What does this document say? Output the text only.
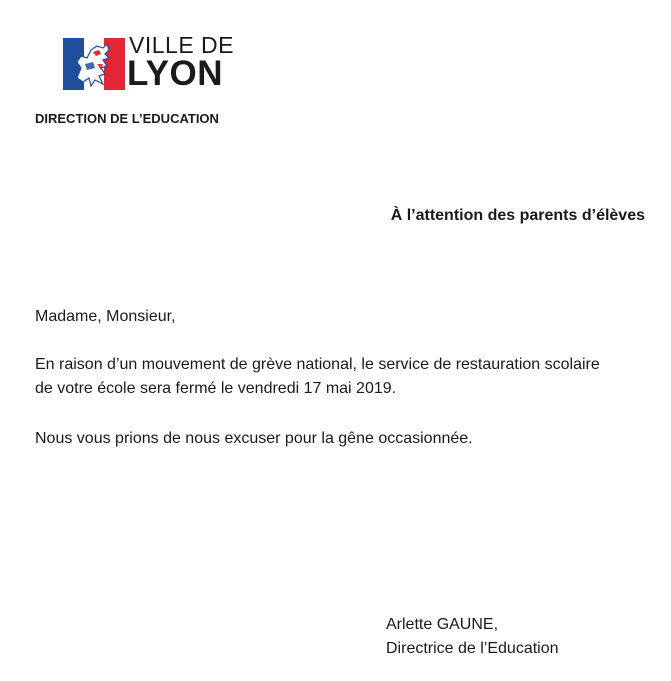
VILLE DE
LYON
DIRECTION DE L’EDUCATION
À l’attention des parents d’élèves
Madame, Monsieur,
En raison d’un mouvement de grève national, le service de restauration scolaire
de votre école sera fermé le vendredi 17 mai 2019.
Nous vous prions de nous excuser pour la gêne occasionnée.
Arlette GAUNE,
Directrice de l’Education
